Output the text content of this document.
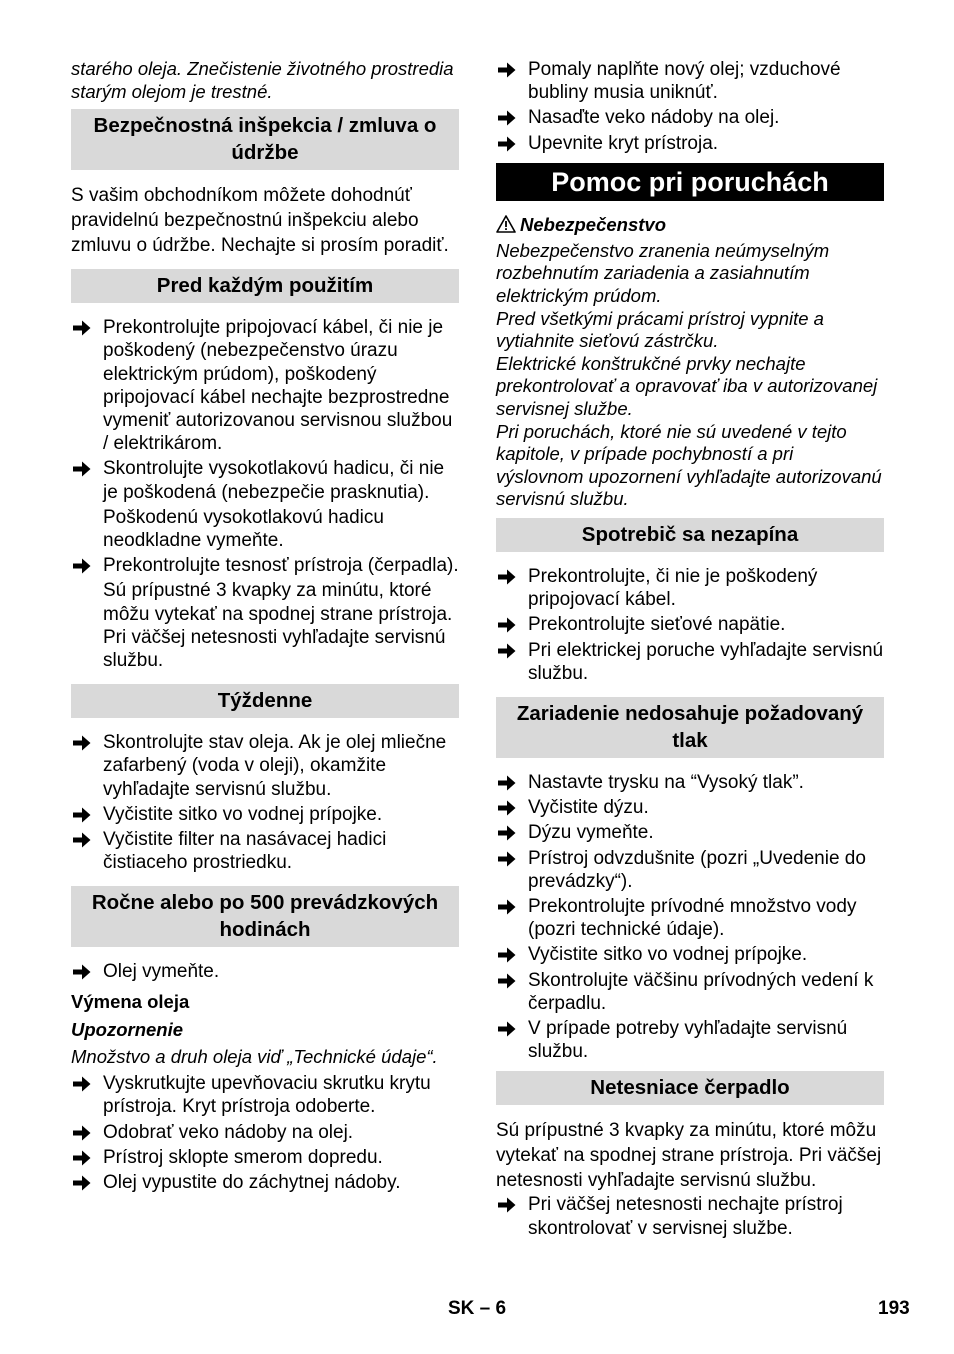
starého oleja. Znečistenie životného prostredia starým olejom je trestné.

Bezpečnostná inšpekcia / zmluva o údržbe

S vašim obchodníkom môžete dohodnúť pravidelnú bezpečnostnú inšpekciu alebo zmluvu o údržbe. Nechajte si prosím poradiť.

Pred každým použitím
Prekontrolujte pripojovací kábel, či nie je poškodený (nebezpečenstvo úrazu elektrickým prúdom), poškodený pripojovací kábel nechajte bezprostredne vymeniť autorizovanou servisnou službou / elektrikárom.
Skontrolujte vysokotlakovú hadicu, či nie je poškodená (nebezpečie prasknutia).
Poškodenú vysokotlakovú hadicu neodkladne vymeňte.
Prekontrolujte tesnosť prístroja (čerpadla).
Sú prípustné 3 kvapky za minútu, ktoré môžu vytekať na spodnej strane prístroja. Pri väčšej netesnosti vyhľadajte servisnú službu.
Týždenne
Skontrolujte stav oleja. Ak je olej mliečne zafarbený (voda v oleji), okamžite vyhľadajte servisnú službu.
Vyčistite sitko vo vodnej prípojke.
Vyčistite filter na nasávacej hadici čistiaceho prostriedku.
Ročne alebo po 500 prevádzkových hodinách
Olej vymeňte.
Výmena oleja
Upozornenie

Množstvo a druh oleja viď „Technické údaje“.

Vyskrutkujte upevňovaciu skrutku krytu prístroja. Kryt prístroja odoberte.
Odobrať veko nádoby na olej.
Prístroj sklopte smerom dopredu.
Olej vypustite do záchytnej nádoby.
Pomaly naplňte nový olej; vzduchové bubliny musia uniknúť.
Nasaďte veko nádoby na olej.
Upevnite kryt prístroja.
Pomoc pri poruchách
Nebezpečenstvo

Nebezpečenstvo zranenia neúmyselným rozbehnutím zariadenia a zasiahnutím elektrickým prúdom.

Pred všetkými prácami prístroj vypnite a vytiahnite sieťovú zástrčku.

Elektrické konštrukčné prvky nechajte prekontrolovať a opravovať iba v autorizovanej servisnej službe.

Pri poruchách, ktoré nie sú uvedené v tejto kapitole, v prípade pochybností a pri výslovnom upozornení vyhľadajte autorizovanú servisnú službu.

Spotrebič sa nezapína
Prekontrolujte, či nie je poškodený pripojovací kábel.
Prekontrolujte sieťové napätie.
Pri elektrickej poruche vyhľadajte servisnú službu.
Zariadenie nedosahuje požadovaný tlak
Nastavte trysku na “Vysoký tlak”.
Vyčistite dýzu.
Dýzu vymeňte.
Prístroj odvzdušnite (pozri „Uvedenie do prevádzky“).
Prekontrolujte prívodné množstvo vody (pozri technické údaje).
Vyčistite sitko vo vodnej prípojke.
Skontrolujte väčšinu prívodných vedení k čerpadlu.
V prípade potreby vyhľadajte servisnú službu.
Netesniace čerpadlo

Sú prípustné 3 kvapky za minútu, ktoré môžu vytekať na spodnej strane prístroja. Pri väčšej netesnosti vyhľadajte servisnú službu.

Pri väčšej netesnosti nechajte prístroj skontrolovať v servisnej službe.
SK – 6	193
